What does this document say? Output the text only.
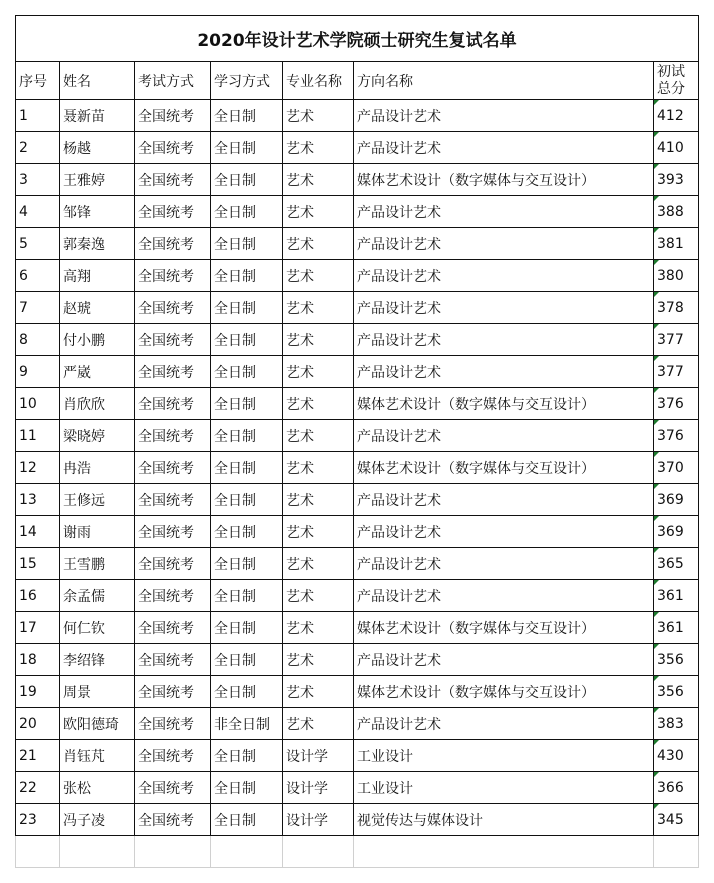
2020年设计艺术学院硕士研究生复试名单						
序号	姓名	考试方式	学习方式	专业名称	方向名称	初试
总分
1	聂新苗	全国统考	全日制	艺术	产品设计艺术	412
2	杨越	全国统考	全日制	艺术	产品设计艺术	410
3	王雅婷	全国统考	全日制	艺术	媒体艺术设计（数字媒体与交互设计）	393
4	邹锋	全国统考	全日制	艺术	产品设计艺术	388
5	郭秦逸	全国统考	全日制	艺术	产品设计艺术	381
6	高翔	全国统考	全日制	艺术	产品设计艺术	380
7	赵琥	全国统考	全日制	艺术	产品设计艺术	378
8	付小鹏	全国统考	全日制	艺术	产品设计艺术	377
9	严崴	全国统考	全日制	艺术	产品设计艺术	377
10	肖欣欣	全国统考	全日制	艺术	媒体艺术设计（数字媒体与交互设计）	376
11	梁晓婷	全国统考	全日制	艺术	产品设计艺术	376
12	冉浩	全国统考	全日制	艺术	媒体艺术设计（数字媒体与交互设计）	370
13	王修远	全国统考	全日制	艺术	产品设计艺术	369
14	谢雨	全国统考	全日制	艺术	产品设计艺术	369
15	王雪鹏	全国统考	全日制	艺术	产品设计艺术	365
16	余孟儒	全国统考	全日制	艺术	产品设计艺术	361
17	何仁钦	全国统考	全日制	艺术	媒体艺术设计（数字媒体与交互设计）	361
18	李绍锋	全国统考	全日制	艺术	产品设计艺术	356
19	周景	全国统考	全日制	艺术	媒体艺术设计（数字媒体与交互设计）	356
20	欧阳德琦	全国统考	非全日制	艺术	产品设计艺术	383
21	肖钰芃	全国统考	全日制	设计学	工业设计	430
22	张松	全国统考	全日制	设计学	工业设计	366
23	冯子凌	全国统考	全日制	设计学	视觉传达与媒体设计	345
